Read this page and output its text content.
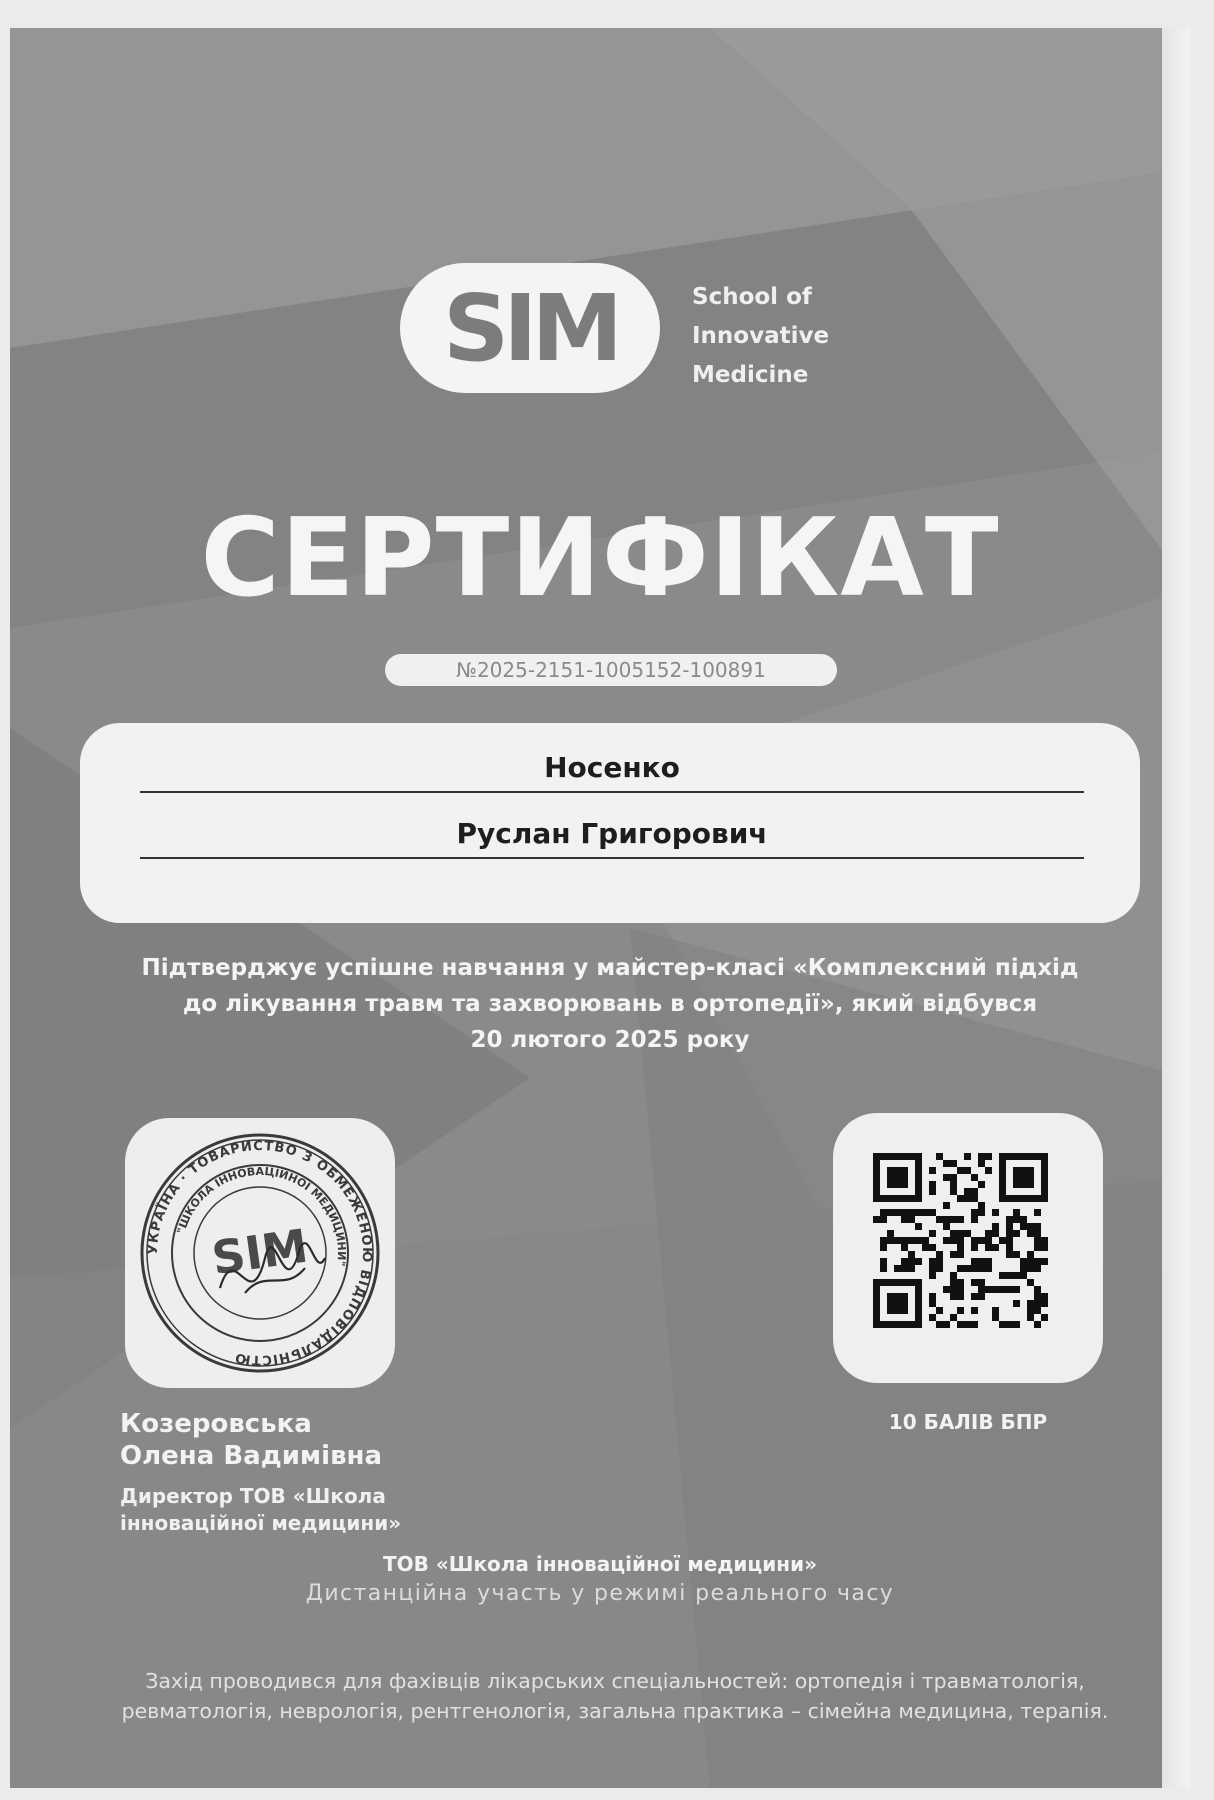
SIM	School of
Innovative
Medicine
СЕРТИФІКАТ
№2025-2151-1005152-100891
Носенко
Руслан Григорович
Підтверджує успішне навчання у майстер-класі «Комплексний підхід
до лікування травм та захворювань в ортопедії», який відбувся
20 лютого 2025 року
УКРАЇНА · ТОВАРИСТВО З ОБМЕЖЕНОЮ ВІДПОВІДАЛЬНІСТЮ
"ШКОЛА ІННОВАЦІЙНОЇ МЕДИЦИНИ"
SIM
Козеровська
Олена Вадимівна
Директор ТОВ «Школа
інноваційної медицини»
10 БАЛІВ БПР
ТОВ «Школа інноваційної медицини»
Дистанційна участь у режимі реального часу
Захід проводився для фахівців лікарських спеціальностей: ортопедія і травматологія,
ревматологія, неврологія, рентгенологія, загальна практика – сімейна медицина, терапія.
